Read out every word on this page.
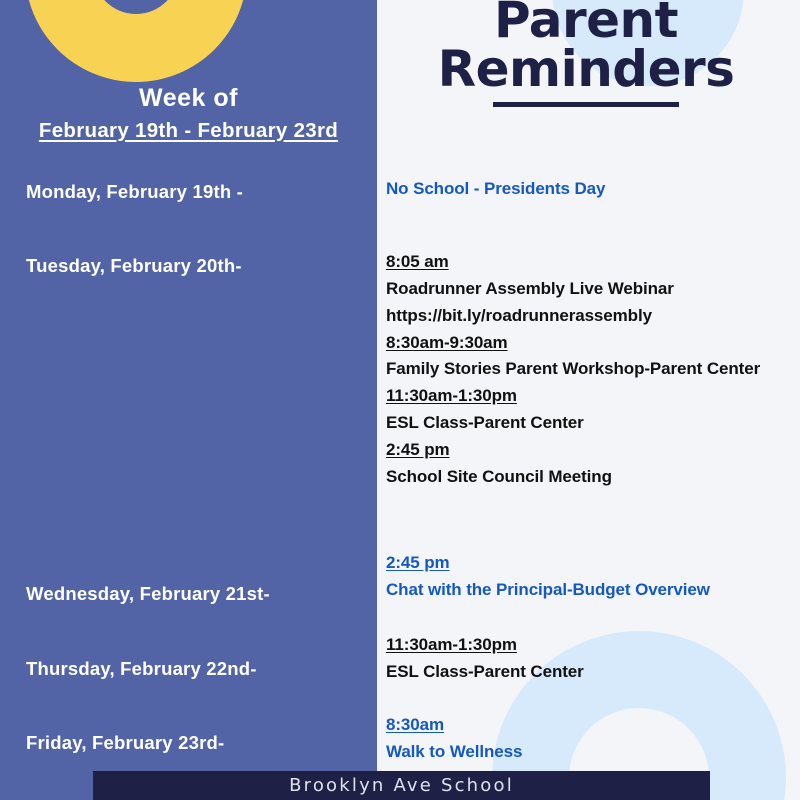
Week of
February 19th - February 23rd
Monday, February 19th -
Tuesday, February 20th-
Wednesday, February 21st-
Thursday, February 22nd-
Friday, February 23rd-
Parent
Reminders
No School - Presidents Day
8:05 am
Roadrunner Assembly Live Webinar
https://bit.ly/roadrunnerassembly
8:30am-9:30am
Family Stories Parent Workshop-Parent Center
11:30am-1:30pm
ESL Class-Parent Center
2:45 pm
School Site Council Meeting
2:45 pm
Chat with the Principal-Budget Overview
11:30am-1:30pm
ESL Class-Parent Center
8:30am
Walk to Wellness
Brooklyn Ave School
